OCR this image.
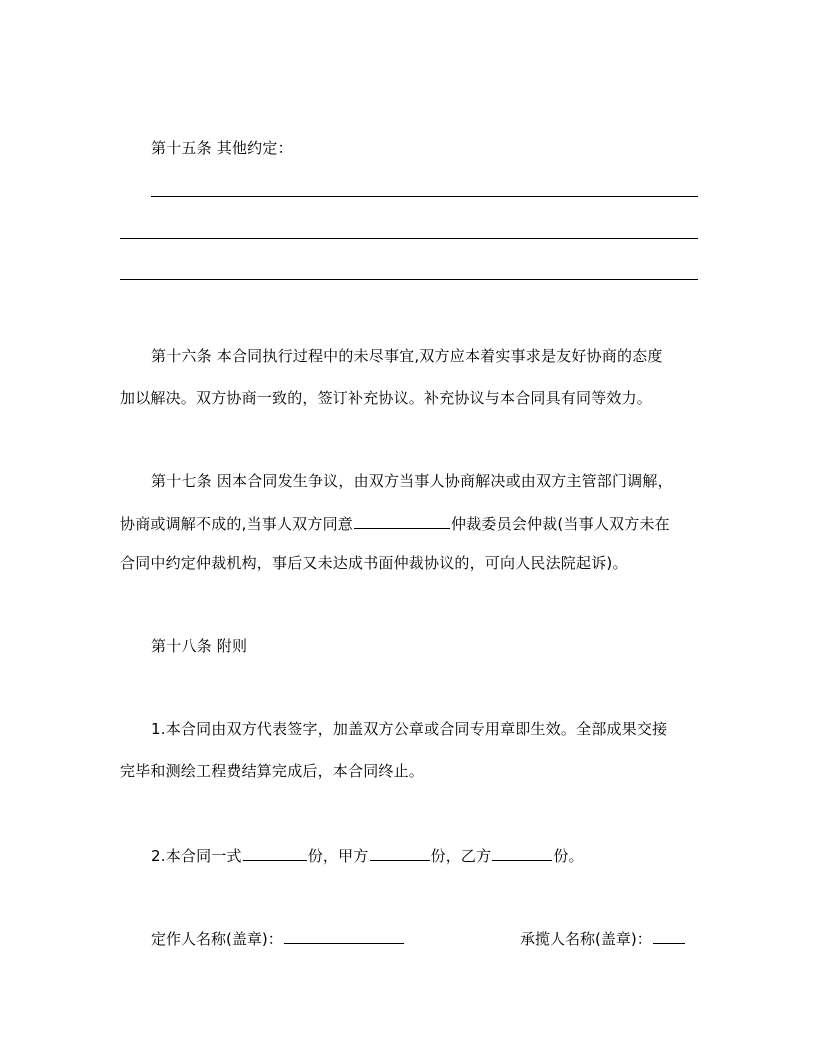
第十五条 其他约定：
第十六条 本合同执行过程中的未尽事宜,双方应本着实事求是友好协商的态度
加以解决。双方协商一致的，签订补充协议。补充协议与本合同具有同等效力。
第十七条 因本合同发生争议，由双方当事人协商解决或由双方主管部门调解，
协商或调解不成的,当事人双方同意	仲裁委员会仲裁(当事人双方未在
合同中约定仲裁机构，事后又未达成书面仲裁协议的，可向人民法院起诉)。
第十八条 附则
1.本合同由双方代表签字，加盖双方公章或合同专用章即生效。全部成果交接
完毕和测绘工程费结算完成后，本合同终止。
2.本合同一式	份，甲方	份，乙方	份。
定作人名称(盖章)：	承揽人名称(盖章)：
